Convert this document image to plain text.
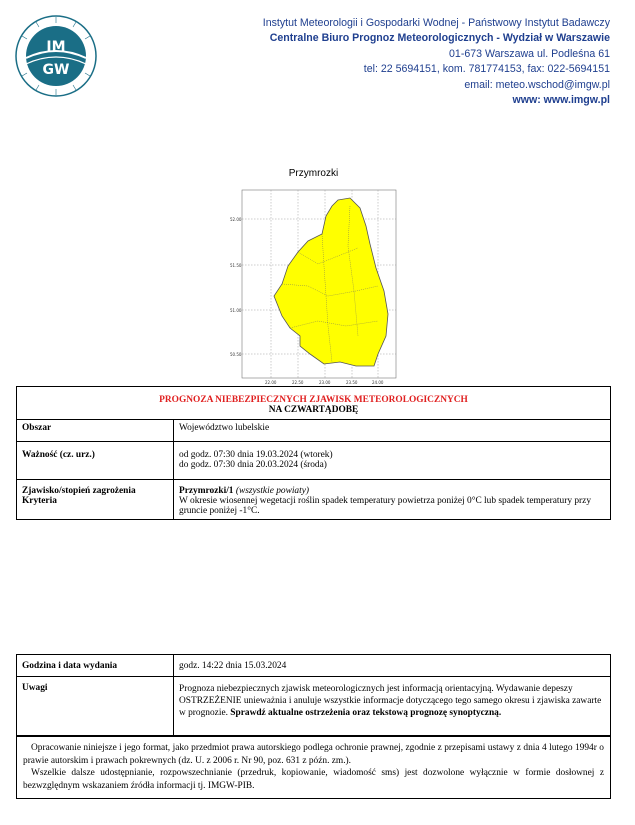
IM
GW
Instytut Meteorologii i Gospodarki Wodnej - Państwowy Instytut Badawczy
Centralne Biuro Prognoz Meteorologicznych - Wydział w Warszawie
01-673 Warszawa ul. Podleśna 61
tel: 22 5694151, kom. 781774153, fax: 022-5694151
email: meteo.wschod@imgw.pl
www: www.imgw.pl
Przymrozki
52.00
51.50
51.00
50.50
22.00	22.50	23.00	23.50	24.00
PROGNOZA NIEBEZPIECZNYCH ZJAWISK METEOROLOGICZNYCH
NA CZWARTĄDOBĘ	

Obszar	Województwo lubelskie
Ważność (cz. urz.)	od godz. 07:30 dnia 19.03.2024 (wtorek)
do godz. 07:30 dnia 20.03.2024 (środa)

Zjawisko/stopień zagrożenia
Kryteria	Przymrozki/1 (wszystkie powiaty)
W okresie wiosennej wegetacji roślin spadek temperatury powietrza poniżej 0°C lub spadek temperatury przy gruncie poniżej -1°C.
Godzina i data wydania	godz. 14:22 dnia 15.03.2024
Uwagi	Prognoza niebezpiecznych zjawisk meteorologicznych jest informacją orientacyjną. Wydawanie depeszy OSTRZEŻENIE unieważnia i anuluje wszystkie informacje dotyczącego tego samego okresu i zjawiska zawarte w prognozie. Sprawdź aktualne ostrzeżenia oraz tekstową prognozę synoptyczną.
Opracowanie niniejsze i jego format, jako przedmiot prawa autorskiego podlega ochronie prawnej, zgodnie z przepisami ustawy z dnia 4 lutego 1994r o prawie autorskim i prawach pokrewnych (dz. U. z 2006 r. Nr 90, poz. 631 z późn. zm.).
Wszelkie dalsze udostępnianie, rozpowszechnianie (przedruk, kopiowanie, wiadomość sms) jest dozwolone wyłącznie w formie dosłownej z bezwzględnym wskazaniem źródła informacji tj. IMGW-PIB.
